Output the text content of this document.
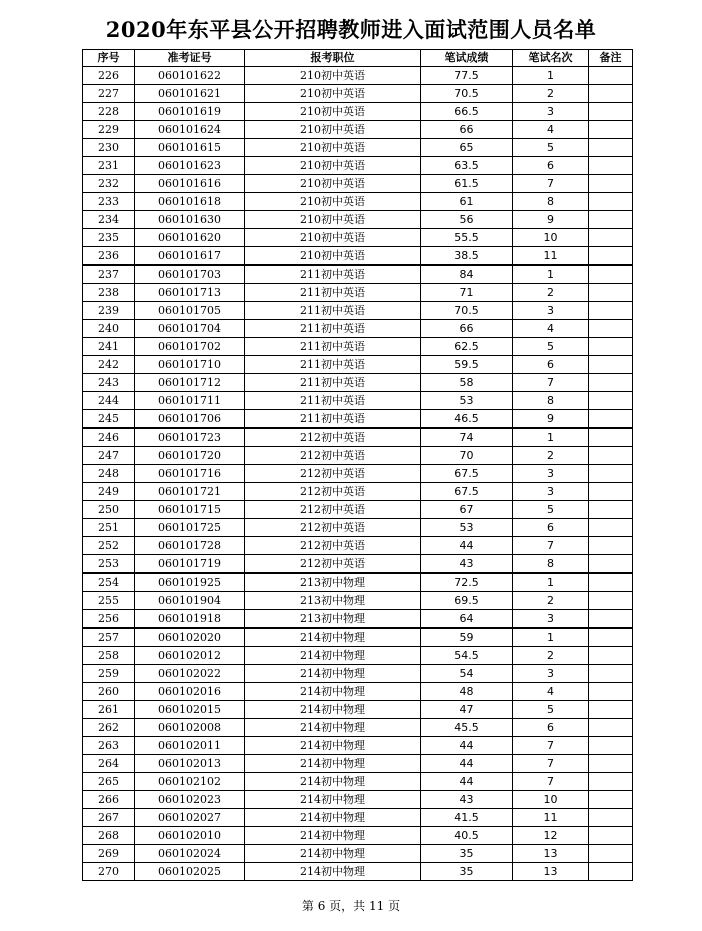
2020年东平县公开招聘教师进入面试范围人员名单
序号	准考证号	报考职位	笔试成绩	笔试名次	备注
226	060101622	210初中英语	77.5	1	
227	060101621	210初中英语	70.5	2	
228	060101619	210初中英语	66.5	3	
229	060101624	210初中英语	66	4	
230	060101615	210初中英语	65	5	
231	060101623	210初中英语	63.5	6	
232	060101616	210初中英语	61.5	7	
233	060101618	210初中英语	61	8	
234	060101630	210初中英语	56	9	
235	060101620	210初中英语	55.5	10	
236	060101617	210初中英语	38.5	11	
237	060101703	211初中英语	84	1	
238	060101713	211初中英语	71	2	
239	060101705	211初中英语	70.5	3	
240	060101704	211初中英语	66	4	
241	060101702	211初中英语	62.5	5	
242	060101710	211初中英语	59.5	6	
243	060101712	211初中英语	58	7	
244	060101711	211初中英语	53	8	
245	060101706	211初中英语	46.5	9	
246	060101723	212初中英语	74	1	
247	060101720	212初中英语	70	2	
248	060101716	212初中英语	67.5	3	
249	060101721	212初中英语	67.5	3	
250	060101715	212初中英语	67	5	
251	060101725	212初中英语	53	6	
252	060101728	212初中英语	44	7	
253	060101719	212初中英语	43	8	
254	060101925	213初中物理	72.5	1	
255	060101904	213初中物理	69.5	2	
256	060101918	213初中物理	64	3	
257	060102020	214初中物理	59	1	
258	060102012	214初中物理	54.5	2	
259	060102022	214初中物理	54	3	
260	060102016	214初中物理	48	4	
261	060102015	214初中物理	47	5	
262	060102008	214初中物理	45.5	6	
263	060102011	214初中物理	44	7	
264	060102013	214初中物理	44	7	
265	060102102	214初中物理	44	7	
266	060102023	214初中物理	43	10	
267	060102027	214初中物理	41.5	11	
268	060102010	214初中物理	40.5	12	
269	060102024	214初中物理	35	13	
270	060102025	214初中物理	35	13	
第 6 页，共 11 页
